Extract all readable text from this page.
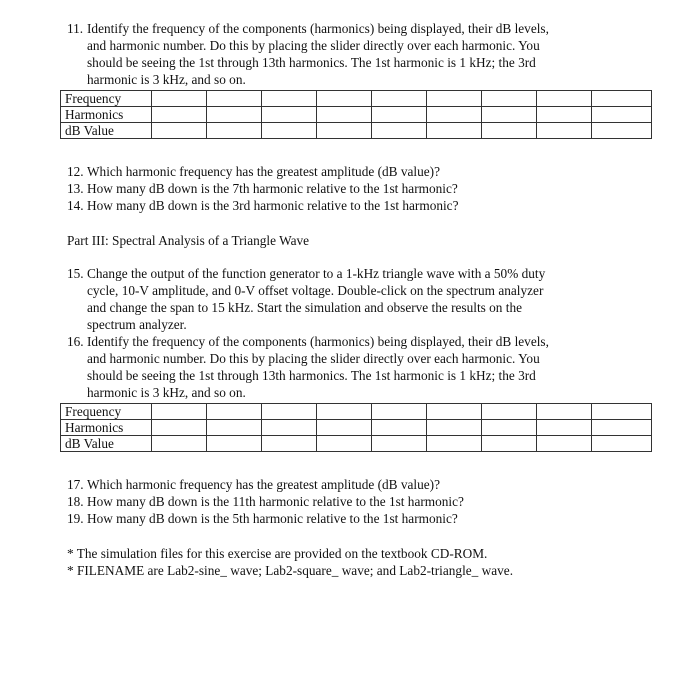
11. Identify the frequency of the components (harmonics) being displayed, their dB levels,
and harmonic number. Do this by placing the slider directly over each harmonic. You
should be seeing the 1st through 13th harmonics. The 1st harmonic is 1 kHz; the 3rd
harmonic is 3 kHz, and so on.
Frequency									
Harmonics									
dB Value									
12. Which harmonic frequency has the greatest amplitude (dB value)?
13. How many dB down is the 7th harmonic relative to the 1st harmonic?
14. How many dB down is the 3rd harmonic relative to the 1st harmonic?
Part III: Spectral Analysis of a Triangle Wave
15. Change the output of the function generator to a 1-kHz triangle wave with a 50% duty
cycle, 10-V amplitude, and 0-V offset voltage. Double-click on the spectrum analyzer
and change the span to 15 kHz. Start the simulation and observe the results on the
spectrum analyzer.
16. Identify the frequency of the components (harmonics) being displayed, their dB levels,
and harmonic number. Do this by placing the slider directly over each harmonic. You
should be seeing the 1st through 13th harmonics. The 1st harmonic is 1 kHz; the 3rd
harmonic is 3 kHz, and so on.
Frequency									
Harmonics									
dB Value									
17. Which harmonic frequency has the greatest amplitude (dB value)?
18. How many dB down is the 11th harmonic relative to the 1st harmonic?
19. How many dB down is the 5th harmonic relative to the 1st harmonic?
* The simulation files for this exercise are provided on the textbook CD-ROM.
* FILENAME are Lab2-sine_ wave; Lab2-square_ wave; and Lab2-triangle_ wave.
